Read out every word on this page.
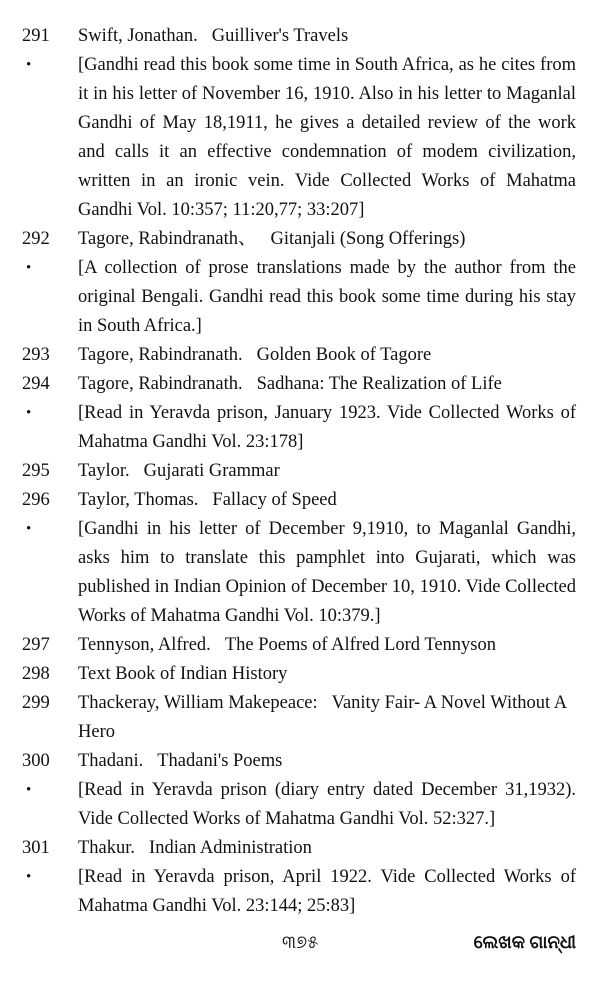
291	Swift, Jonathan. Guilliver's Travels
•	[Gandhi read this book some time in South Africa, as he cites from it in his letter of November 16, 1910. Also in his letter to Maganlal Gandhi of May 18,1911, he gives a detailed review of the work and calls it an effective condemnation of modem civilization, written in an ironic vein. Vide Collected Works of Mahatma Gandhi Vol. 10:357; 11:20,77; 33:207]
292	Tagore, Rabindranath、 Gitanjali (Song Offerings)
•	[A collection of prose translations made by the author from the original Bengali. Gandhi read this book some time during his stay in South Africa.]
293	Tagore, Rabindranath. Golden Book of Tagore
294	Tagore, Rabindranath. Sadhana: The Realization of Life
•	[Read in Yeravda prison, January 1923. Vide Collected Works of Mahatma Gandhi Vol. 23:178]
295	Taylor. Gujarati Grammar
296	Taylor, Thomas. Fallacy of Speed
•	[Gandhi in his letter of December 9,1910, to Maganlal Gandhi, asks him to translate this pamphlet into Gujarati, which was published in Indian Opinion of December 10, 1910. Vide Collected Works of Mahatma Gandhi Vol. 10:379.]
297	Tennyson, Alfred. The Poems of Alfred Lord Tennyson
298	Text Book of Indian History
299	Thackeray, William Makepeace: Vanity Fair- A Novel Without A Hero
300	Thadani. Thadani's Poems
•	[Read in Yeravda prison (diary entry dated December 31,1932). Vide Collected Works of Mahatma Gandhi Vol. 52:327.]
301	Thakur. Indian Administration
•	[Read in Yeravda prison, April 1922. Vide Collected Works of Mahatma Gandhi Vol. 23:144; 25:83]
୩୭୫	ଲେଖକ ଗାନ୍ଧୀ
